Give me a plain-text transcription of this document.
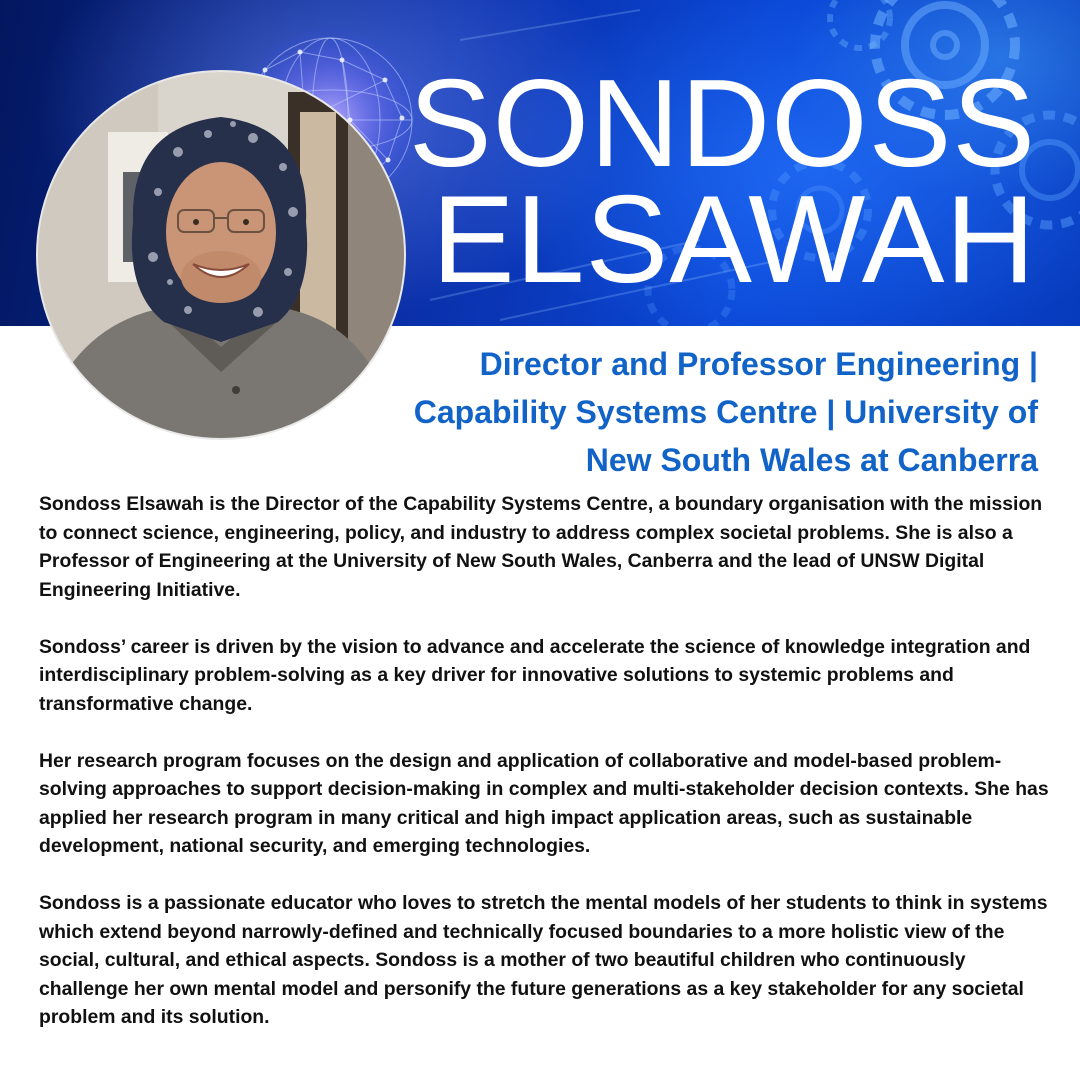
SONDOSS
ELSAWAH

Director and Professor Engineering | Capability Systems Centre | University of New South Wales at Canberra

Sondoss Elsawah is the Director of the Capability Systems Centre, a boundary organisation with the mission to connect science, engineering, policy, and industry to address complex societal problems. She is also a Professor of Engineering at the University of New South Wales, Canberra and the lead of UNSW Digital Engineering Initiative.

Sondoss’ career is driven by the vision to advance and accelerate the science of knowledge integration and interdisciplinary problem-solving as a key driver for innovative solutions to systemic problems and transformative change.

Her research program focuses on the design and application of collaborative and model-based problem-solving approaches to support decision-making in complex and multi-stakeholder decision contexts. She has applied her research program in many critical and high impact application areas, such as sustainable development, national security, and emerging technologies.

Sondoss is a passionate educator who loves to stretch the mental models of her students to think in systems which extend beyond narrowly-defined and technically focused boundaries to a more holistic view of the social, cultural, and ethical aspects. Sondoss is a mother of two beautiful children who continuously challenge her own mental model and personify the future generations as a key stakeholder for any societal problem and its solution.
